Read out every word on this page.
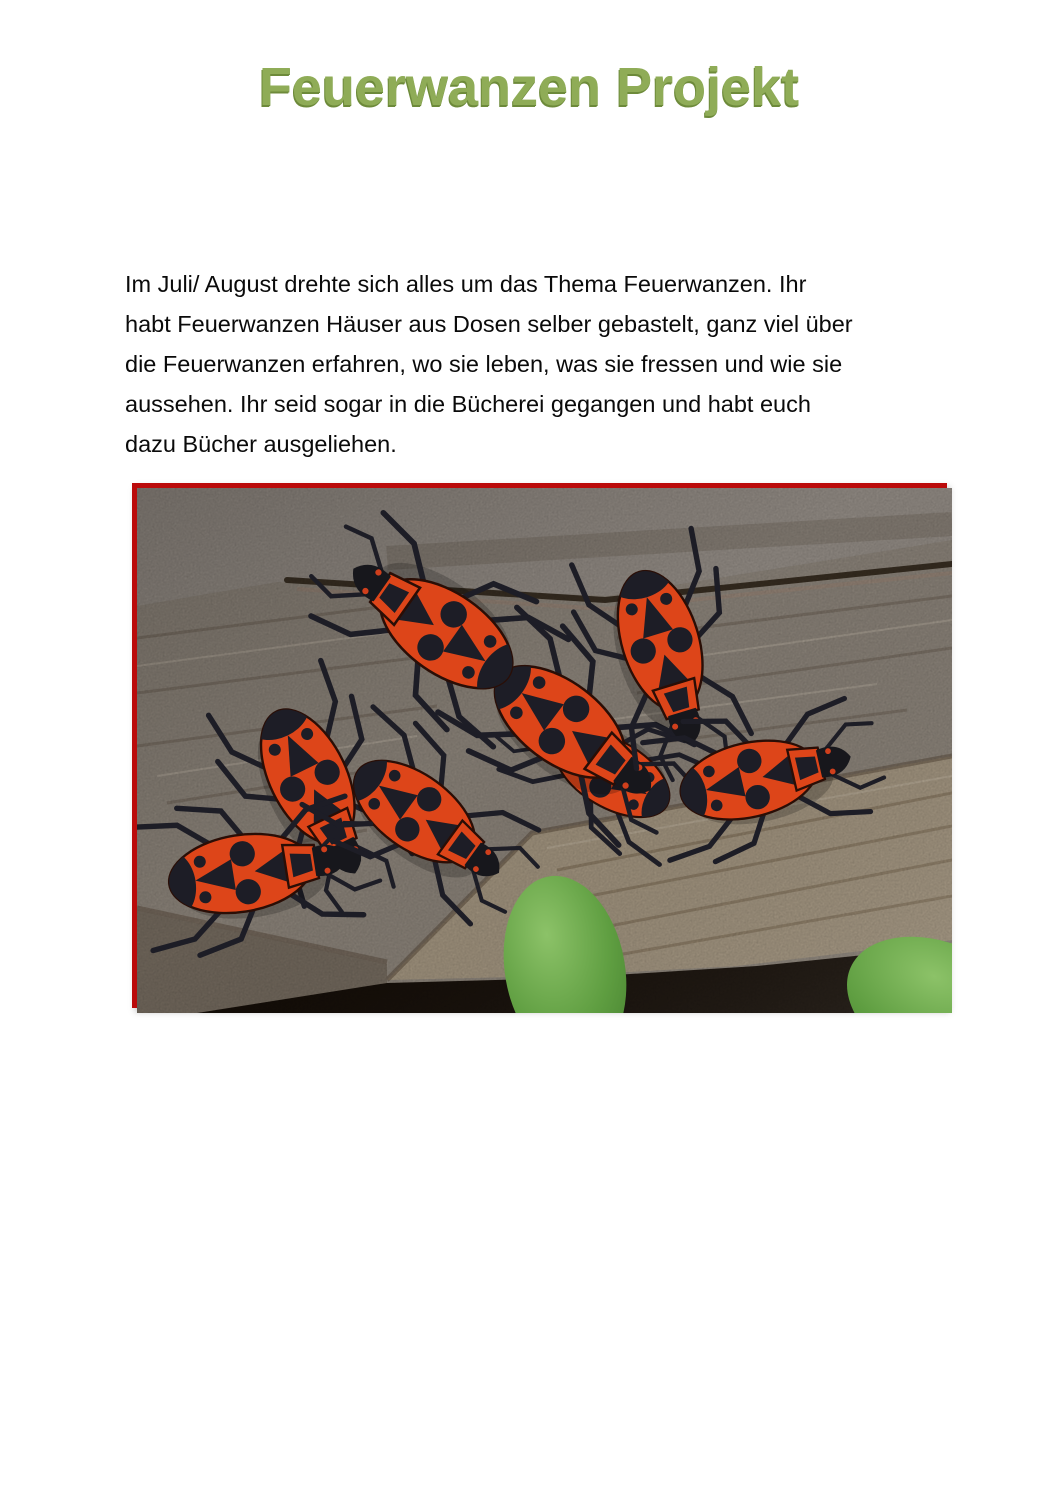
Feuerwanzen Projekt
Im Juli/ August drehte sich alles um das Thema Feuerwanzen. Ihr
habt Feuerwanzen Häuser aus Dosen selber gebastelt, ganz viel über
die Feuerwanzen erfahren, wo sie leben, was sie fressen und wie sie
aussehen. Ihr seid sogar in die Bücherei gegangen und habt euch
dazu Bücher ausgeliehen.
